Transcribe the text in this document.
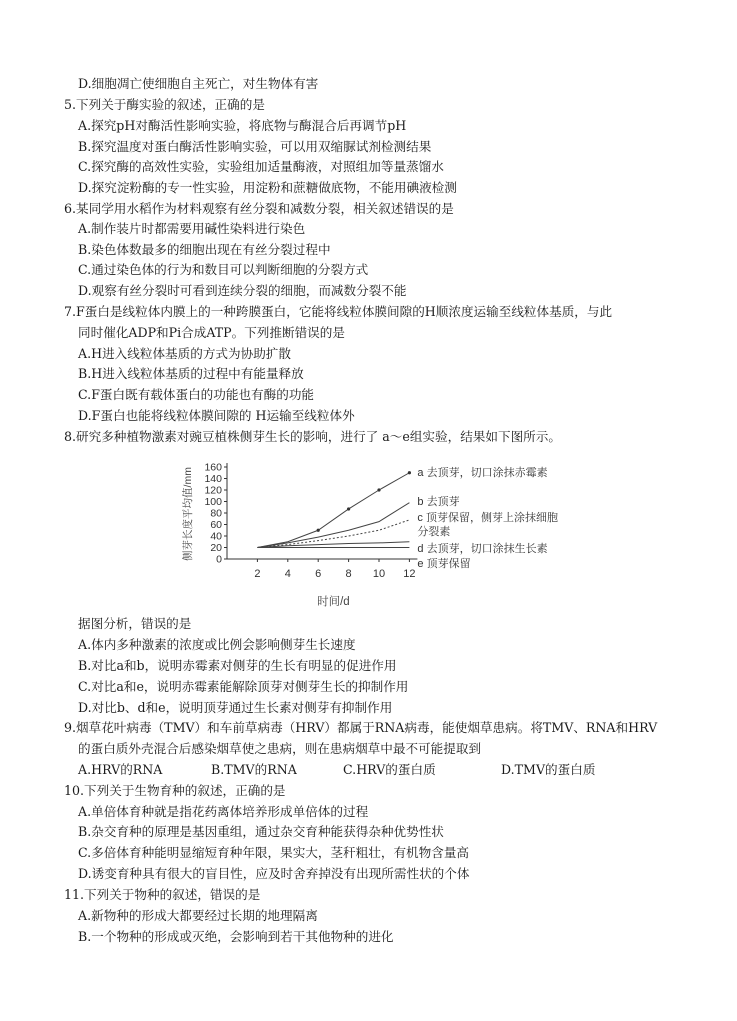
D.细胞凋亡使细胞自主死亡，对生物体有害
5.下列关于酶实验的叙述，正确的是
A.探究pH对酶活性影响实验，将底物与酶混合后再调节pH
B.探究温度对蛋白酶活性影响实验，可以用双缩脲试剂检测结果
C.探究酶的高效性实验，实验组加适量酶液，对照组加等量蒸馏水
D.探究淀粉酶的专一性实验，用淀粉和蔗糖做底物，不能用碘液检测
6.某同学用水稻作为材料观察有丝分裂和减数分裂，相关叙述错误的是
A.制作装片时都需要用碱性染料进行染色
B.染色体数最多的细胞出现在有丝分裂过程中
C.通过染色体的行为和数目可以判断细胞的分裂方式
D.观察有丝分裂时可看到连续分裂的细胞，而减数分裂不能
7.F蛋白是线粒体内膜上的一种跨膜蛋白，它能将线粒体膜间隙的H顺浓度运输至线粒体基质，与此
同时催化ADP和Pi合成ATP。下列推断错误的是
A.H进入线粒体基质的方式为协助扩散
B.H进入线粒体基质的过程中有能量释放
C.F蛋白既有载体蛋白的功能也有酶的功能
D.F蛋白也能将线粒体膜间隙的 H运输至线粒体外
8.研究多种植物激素对豌豆植株侧芽生长的影响，进行了 a～e组实验，结果如下图所示。
0
20
40
60
80
100
120
140
160
2 4 6 8 10 12
侧芽长度平均值/mm
时间/d
a 去顶芽，切口涂抹赤霉素
b 去顶芽
c 顶芽保留，侧芽上涂抹细胞
分裂素
d 去顶芽，切口涂抹生长素
e 顶芽保留
据图分析，错误的是
A.体内多种激素的浓度或比例会影响侧芽生长速度
B.对比a和b，说明赤霉素对侧芽的生长有明显的促进作用
C.对比a和e，说明赤霉素能解除顶芽对侧芽生长的抑制作用
D.对比b、d和e，说明顶芽通过生长素对侧芽有抑制作用
9.烟草花叶病毒（TMV）和车前草病毒（HRV）都属于RNA病毒，能使烟草患病。将TMV、RNA和HRV
的蛋白质外壳混合后感染烟草使之患病，则在患病烟草中最不可能提取到
10.下列关于生物育种的叙述，正确的是
A.单倍体育种就是指花药离体培养形成单倍体的过程
B.杂交育种的原理是基因重组，通过杂交育种能获得杂种优势性状
C.多倍体育种能明显缩短育种年限，果实大，茎秆粗壮，有机物含量高
D.诱变育种具有很大的盲目性，应及时舍弃掉没有出现所需性状的个体
11.下列关于物种的叙述，错误的是
A.新物种的形成大都要经过长期的地理隔离
B.一个物种的形成或灭绝，会影响到若干其他物种的进化
A.HRV的RNA	B.TMV的RNA	C.HRV的蛋白质	D.TMV的蛋白质
